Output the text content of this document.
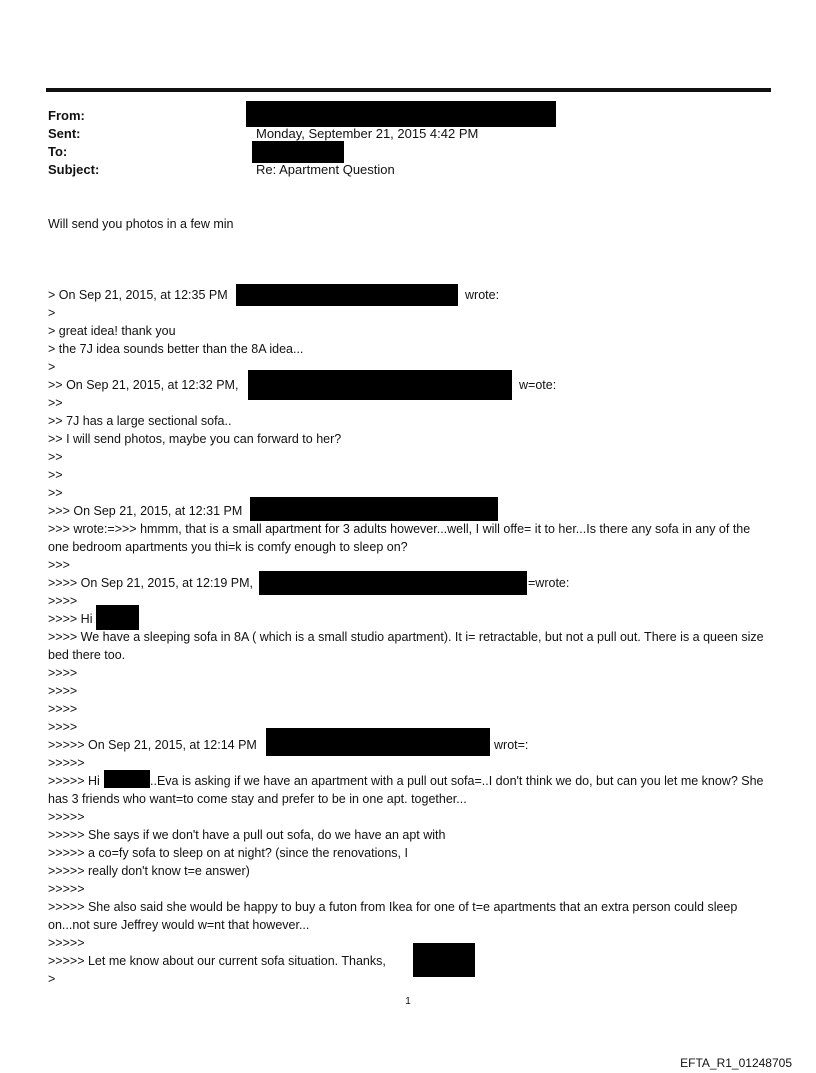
From:
Sent:	Monday, September 21, 2015 4:42 PM
To:
Subject:	Re: Apartment Question
Will send you photos in a few min
> On Sep 21, 2015, at 12:35 PM	wrote:
>
> great idea! thank you
> the 7J idea sounds better than the 8A idea...
>
>> On Sep 21, 2015, at 12:32 PM,	w=ote:
>>
>> 7J has a large sectional sofa..
>> I will send photos, maybe you can forward to her?
>>
>>
>>
>>> On Sep 21, 2015, at 12:31 PM
>>> wrote:=>>> hmmm, that is a small apartment for 3 adults however...well, I will offe= it to her...Is there any sofa in any of the one bedroom apartments you thi=k is comfy enough to sleep on?
>>>
>>>> On Sep 21, 2015, at 12:19 PM,	=wrote:
>>>>
>>>> Hi
>>>> We have a sleeping sofa in 8A ( which is a small studio apartment). It i= retractable, but not a pull out. There is a queen size bed there too.
>>>>
>>>>
>>>>
>>>>
>>>>> On Sep 21, 2015, at 12:14 PM	wrot=:
>>>>>
>>>>> Hi	..Eva is asking if we have an apartment with a pull out sofa=..I don't think we do, but can you let me know? She has 3 friends who want=to come stay and prefer to be in one apt. together...
>>>>>
>>>>> She says if we don't have a pull out sofa, do we have an apt with
>>>>> a co=fy sofa to sleep on at night? (since the renovations, I
>>>>> really don't know t=e answer)
>>>>>
>>>>> She also said she would be happy to buy a futon from Ikea for one of t=e apartments that an extra person could sleep on...not sure Jeffrey would w=nt that however...
>>>>>
>>>>> Let me know about our current sofa situation. Thanks,
>
1
EFTA_R1_01248705
